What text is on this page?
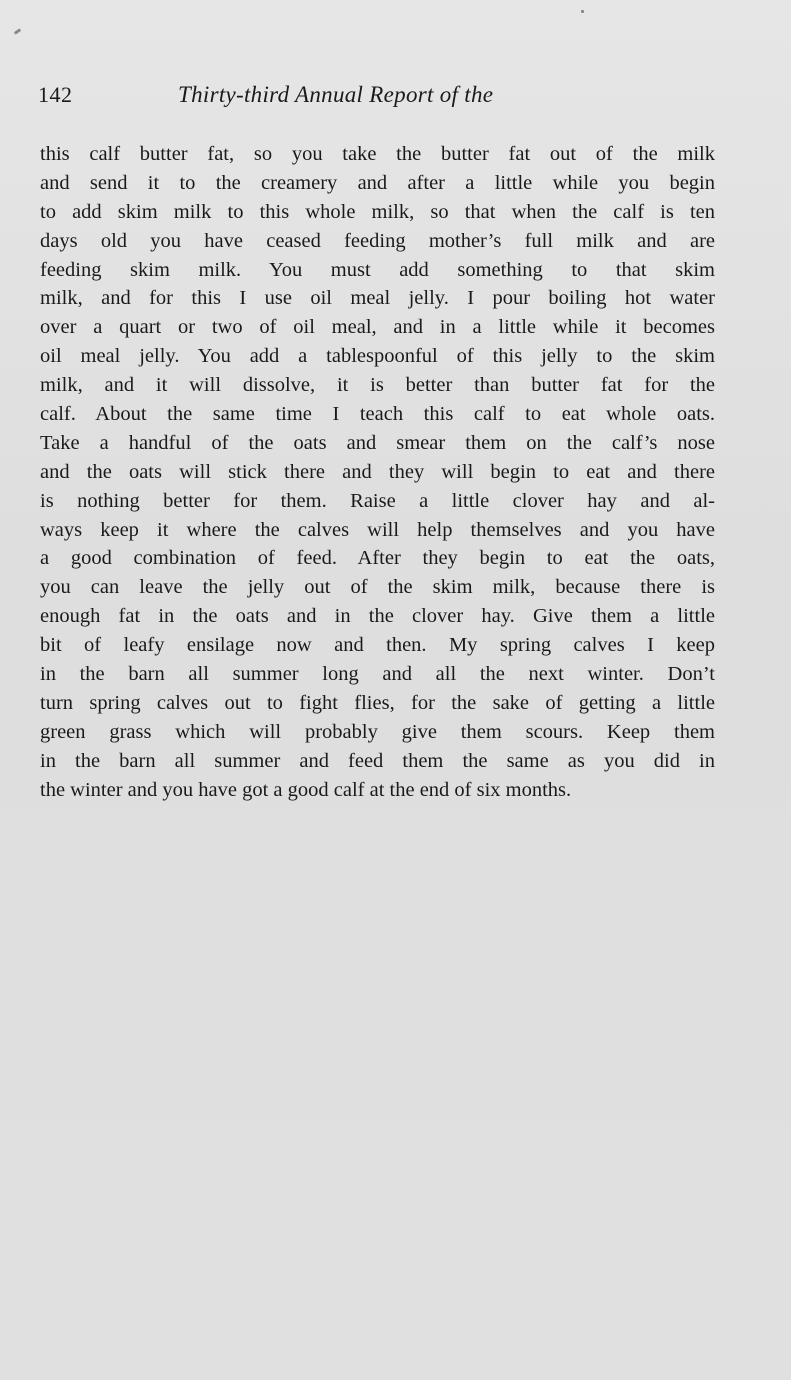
142	Thirty-third Annual Report of the
this calf butter fat, so you take the butter fat out of the milk
and send it to the creamery and after a little while you begin
to add skim milk to this whole milk, so that when the calf is ten
days old you have ceased feeding mother’s full milk and are
feeding skim milk. You must add something to that skim
milk, and for this I use oil meal jelly. I pour boiling hot water
over a quart or two of oil meal, and in a little while it becomes
oil meal jelly. You add a tablespoonful of this jelly to the skim
milk, and it will dissolve, it is better than butter fat for the
calf. About the same time I teach this calf to eat whole oats.
Take a handful of the oats and smear them on the calf’s nose
and the oats will stick there and they will begin to eat and there
is nothing better for them. Raise a little clover hay and al-
ways keep it where the calves will help themselves and you have
a good combination of feed. After they begin to eat the oats,
you can leave the jelly out of the skim milk, because there is
enough fat in the oats and in the clover hay. Give them a little
bit of leafy ensilage now and then. My spring calves I keep
in the barn all summer long and all the next winter. Don’t
turn spring calves out to fight flies, for the sake of getting a little
green grass which will probably give them scours. Keep them
in the barn all summer and feed them the same as you did in
the winter and you have got a good calf at the end of six months.
